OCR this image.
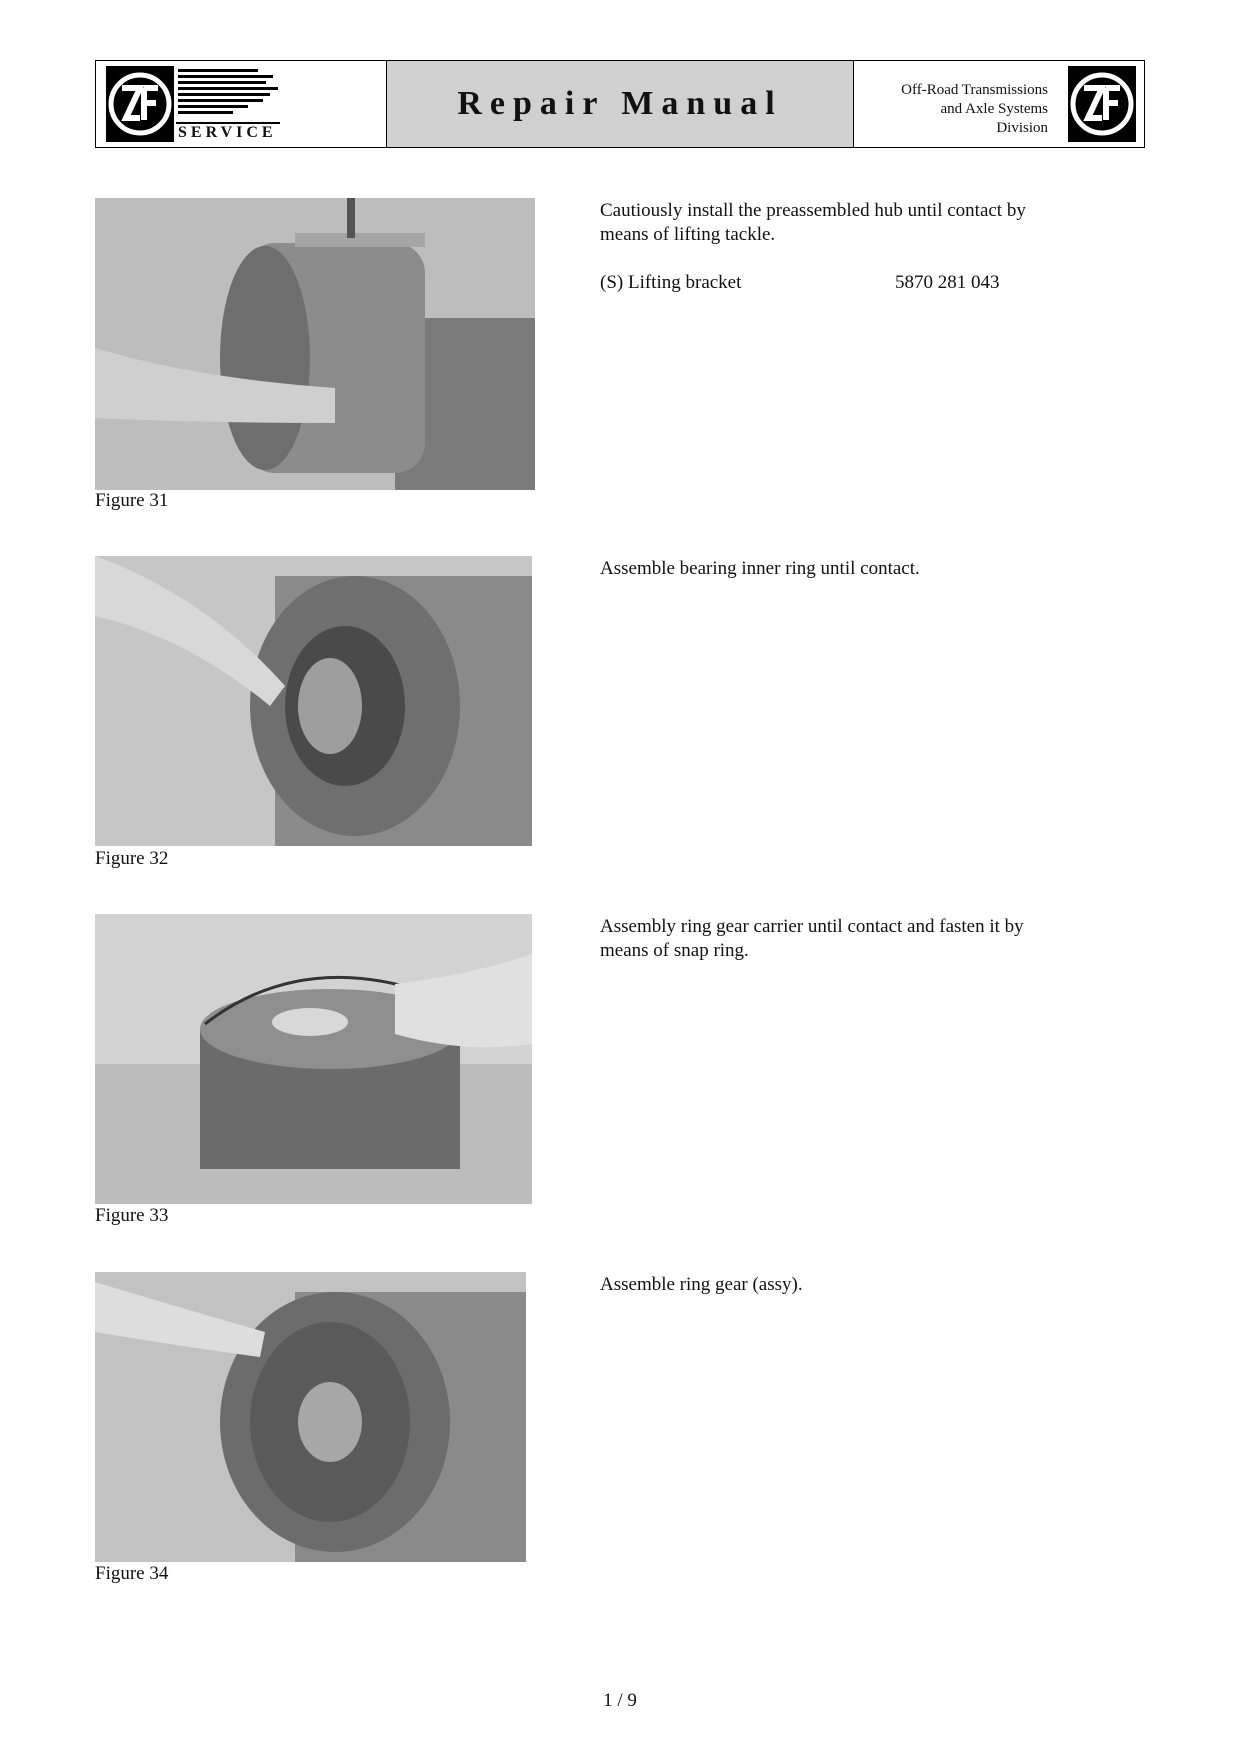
SERVICE
Repair Manual	Off-Road Transmissions
and Axle Systems
Division
Figure 31
Cautiously install the preassembled hub until contact by means of lifting tackle.
(S) Lifting bracket	5870 281 043
Figure 32
Assemble bearing inner ring until contact.
Figure 33
Assembly ring gear carrier until contact and fasten it by means of snap ring.
Figure 34
Assemble ring gear (assy).
1 / 9
